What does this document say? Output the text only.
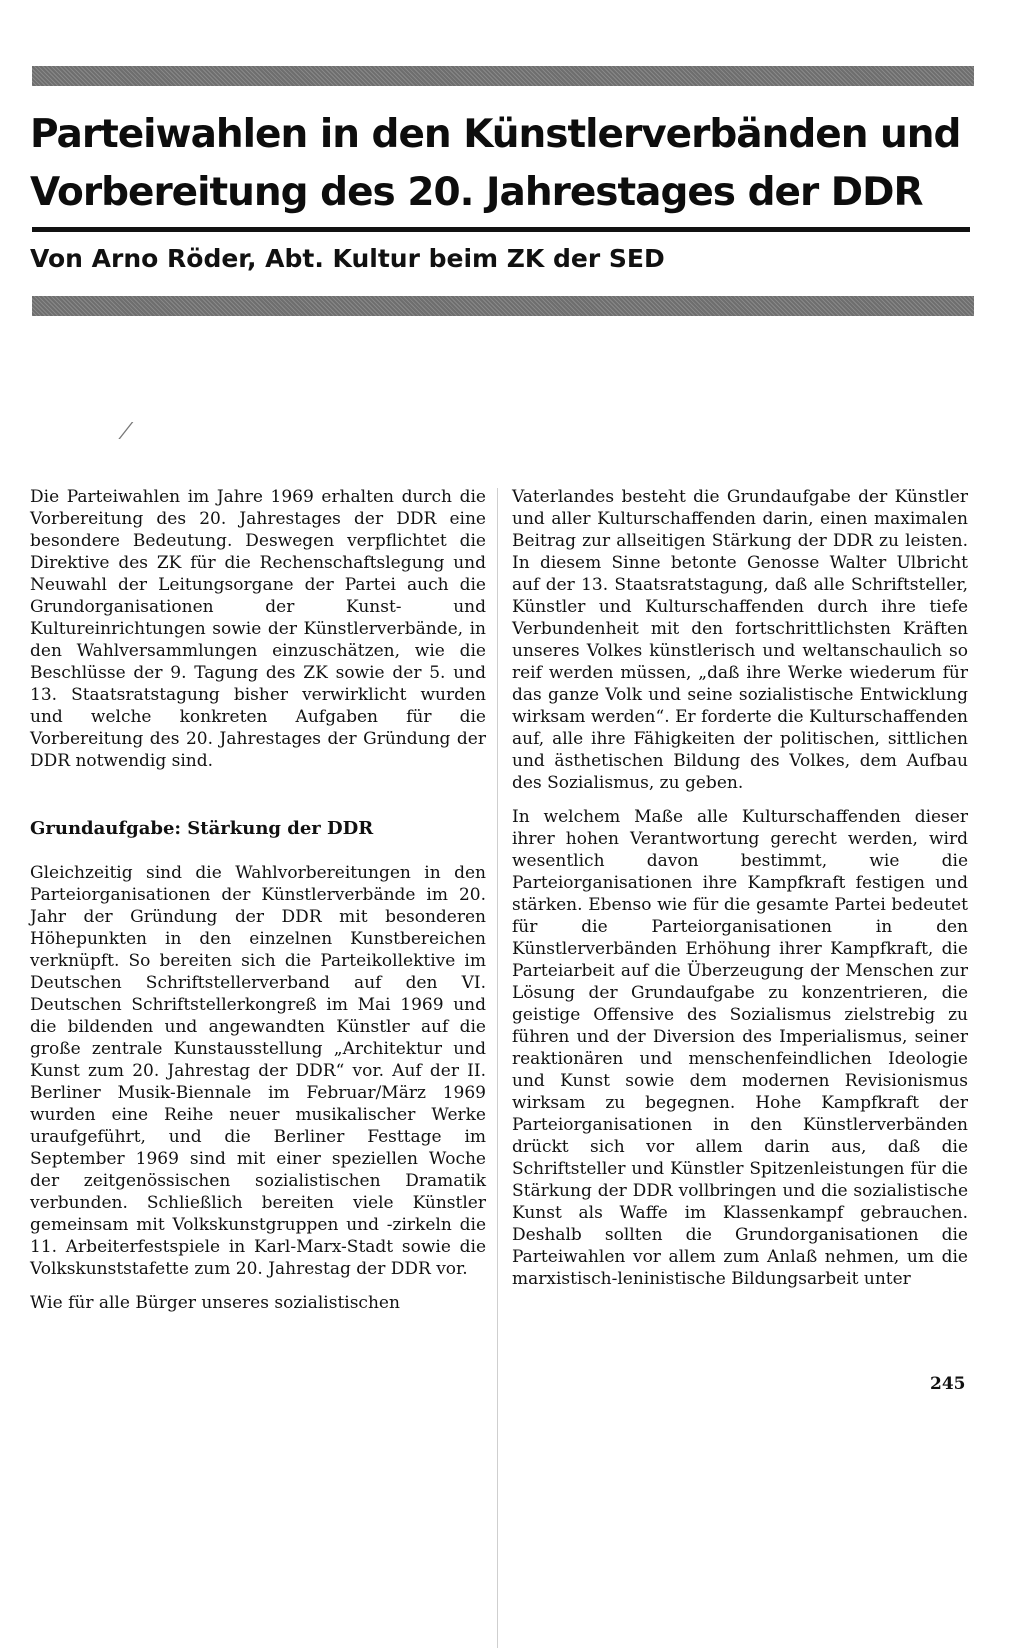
Parteiwahlen in den Künstlerverbänden und Vorbereitung des 20. Jahrestages der DDR

Von Arno Röder, Abt. Kultur beim ZK der SED

⁄

Die Parteiwahlen im Jahre 1969 erhalten durch die Vorbereitung des 20. Jahrestages der DDR eine besondere Bedeutung. Deswegen verpflichtet die Direktive des ZK für die Rechenschaftslegung und Neuwahl der Leitungsorgane der Partei auch die Grundorganisationen der Kunst- und Kultureinrichtungen sowie der Künstlerverbände, in den Wahlversammlungen einzuschätzen, wie die Beschlüsse der 9. Tagung des ZK sowie der 5. und 13. Staatsratstagung bisher verwirklicht wurden und welche konkreten Aufgaben für die Vorbereitung des 20. Jahrestages der Gründung der DDR notwendig sind.

Grundaufgabe: Stärkung der DDR

Gleichzeitig sind die Wahlvorbereitungen in den Parteiorganisationen der Künstlerverbände im 20. Jahr der Gründung der DDR mit besonderen Höhepunkten in den einzelnen Kunstbereichen verknüpft. So bereiten sich die Parteikollektive im Deutschen Schriftstellerverband auf den VI. Deutschen Schriftstellerkongreß im Mai 1969 und die bildenden und angewandten Künstler auf die große zentrale Kunstausstellung „Architektur und Kunst zum 20. Jahrestag der DDR“ vor. Auf der II. Berliner Musik-Biennale im Februar/März 1969 wurden eine Reihe neuer musikalischer Werke uraufgeführt, und die Berliner Festtage im September 1969 sind mit einer speziellen Woche der zeitgenössischen sozialistischen Dramatik verbunden. Schließlich bereiten viele Künstler gemeinsam mit Volkskunstgruppen und -zirkeln die 11. Arbeiterfestspiele in Karl-Marx-Stadt sowie die Volkskunststafette zum 20. Jahrestag der DDR vor.

Wie für alle Bürger unseres sozialistischen

Vaterlandes besteht die Grundaufgabe der Künstler und aller Kulturschaffenden darin, einen maximalen Beitrag zur allseitigen Stärkung der DDR zu leisten. In diesem Sinne betonte Genosse Walter Ulbricht auf der 13. Staatsratstagung, daß alle Schriftsteller, Künstler und Kulturschaffenden durch ihre tiefe Verbundenheit mit den fortschrittlichsten Kräften unseres Volkes künstlerisch und weltanschaulich so reif werden müssen, „daß ihre Werke wiederum für das ganze Volk und seine sozialistische Entwicklung wirksam werden“. Er forderte die Kulturschaffenden auf, alle ihre Fähigkeiten der politischen, sittlichen und ästhetischen Bildung des Volkes, dem Aufbau des Sozialismus, zu geben.

In welchem Maße alle Kulturschaffenden dieser ihrer hohen Verantwortung gerecht werden, wird wesentlich davon bestimmt, wie die Parteiorganisationen ihre Kampfkraft festigen und stärken. Ebenso wie für die gesamte Partei bedeutet für die Parteiorganisationen in den Künstlerverbänden Erhöhung ihrer Kampfkraft, die Parteiarbeit auf die Überzeugung der Menschen zur Lösung der Grundaufgabe zu konzentrieren, die geistige Offensive des Sozialismus zielstrebig zu führen und der Diversion des Imperialismus, seiner reaktionären und menschenfeindlichen Ideologie und Kunst sowie dem modernen Revisionismus wirksam zu begegnen. Hohe Kampfkraft der Parteiorganisationen in den Künstlerverbänden drückt sich vor allem darin aus, daß die Schriftsteller und Künstler Spitzenleistungen für die Stärkung der DDR vollbringen und die sozialistische Kunst als Waffe im Klassenkampf gebrauchen. Deshalb sollten die Grundorganisationen die Parteiwahlen vor allem zum Anlaß nehmen, um die marxistisch-leninistische Bildungsarbeit unter

245
